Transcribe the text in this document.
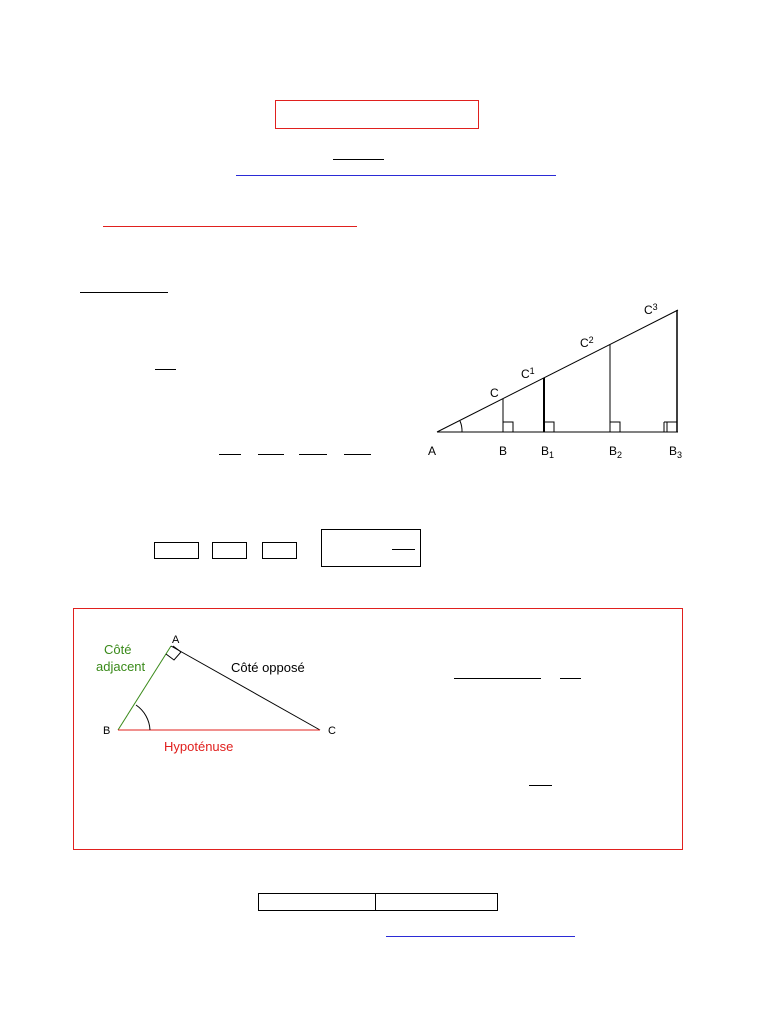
A	B	$B_1$	$B_2$	$B_3$
C
$C^1$
$C^2$
$C^3$
A
B	C
Côté
adjacent	Côté opposé
Hypoténuse
